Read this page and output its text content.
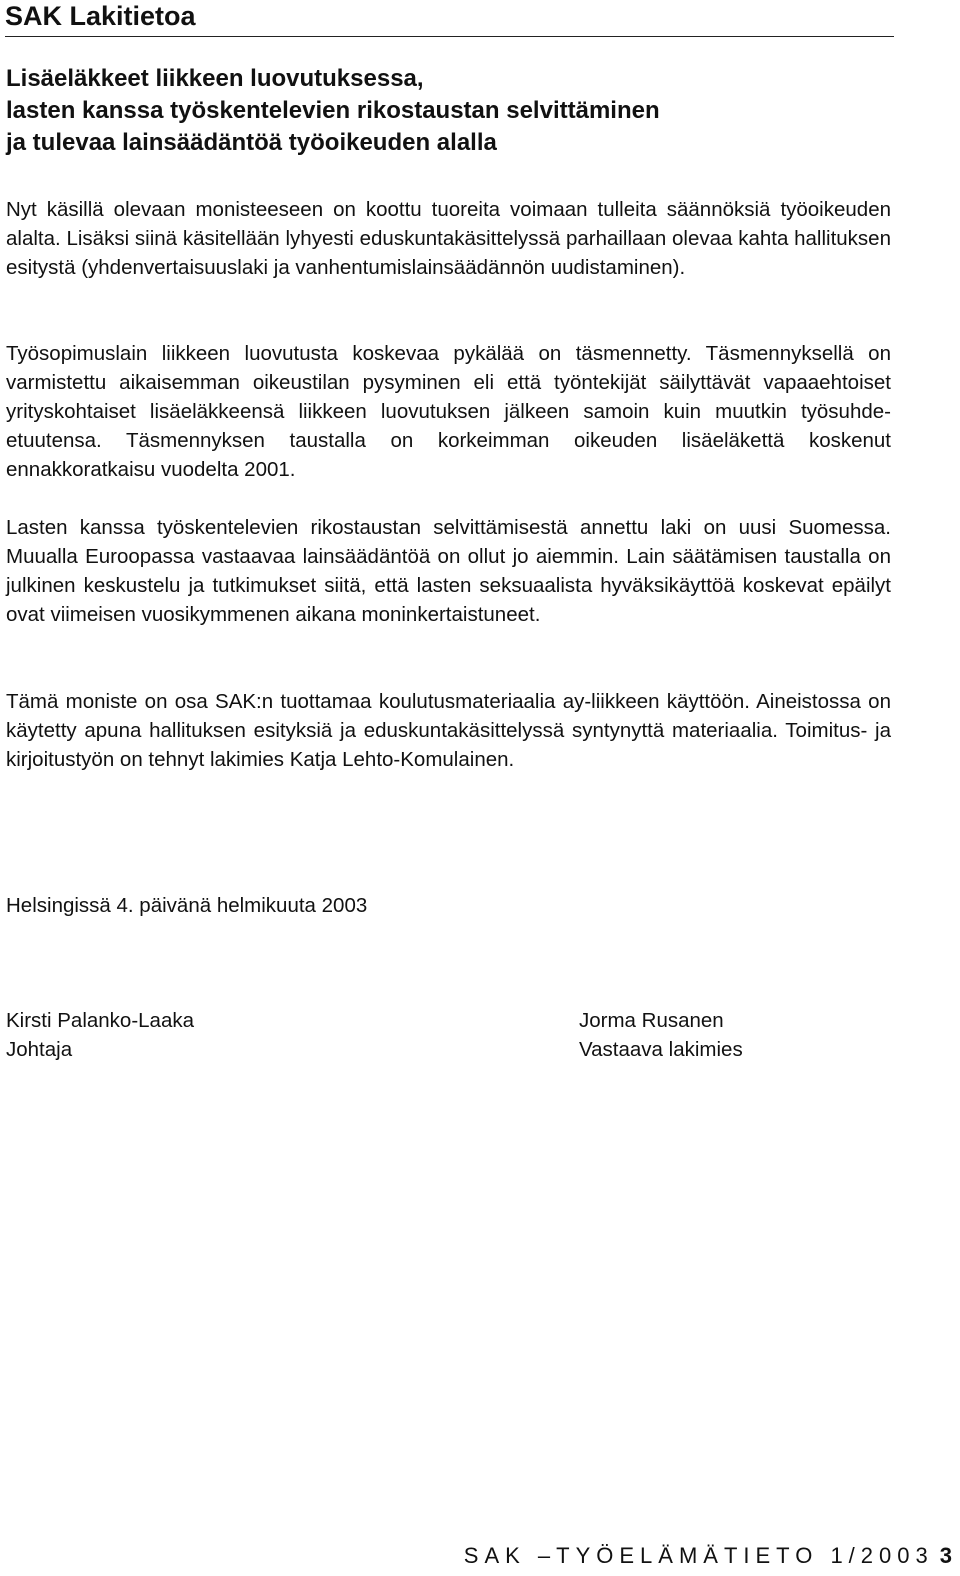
SAK Lakitietoa
Lisäeläkkeet liikkeen luovutuksessa,
lasten kanssa työskentelevien rikostaustan selvittäminen
ja tulevaa lainsäädäntöä työoikeuden alalla
Nyt käsillä olevaan monisteeseen on koottu tuoreita voimaan tulleita säännöksiä työoikeuden alalta. Lisäksi siinä käsitellään lyhyesti eduskuntakäsittelyssä parhaillaan olevaa kahta hallituksen esitystä (yhdenvertaisuuslaki ja vanhentumislainsäädännön uudistaminen).
Työsopimuslain liikkeen luovutusta koskevaa pykälää on täsmennetty. Täsmennyksellä on varmistettu aikaisemman oikeustilan pysyminen eli että työntekijät säilyttävät vapaaehtoiset yrityskohtaiset lisäeläkkeensä liikkeen luovutuksen jälkeen samoin kuin muutkin työsuhde-etuutensa. Täsmennyksen taustalla on korkeimman oikeuden lisäeläkettä koskenut ennakkoratkaisu vuodelta 2001.
Lasten kanssa työskentelevien rikostaustan selvittämisestä annettu laki on uusi Suomessa. Muualla Euroopassa vastaavaa lainsäädäntöä on ollut jo aiemmin. Lain säätämisen taustalla on julkinen keskustelu ja tutkimukset siitä, että lasten seksuaalista hyväksikäyttöä koskevat epäilyt ovat viimeisen vuosikymmenen aikana moninkertaistuneet.
Tämä moniste on osa SAK:n tuottamaa koulutusmateriaalia ay-liikkeen käyttöön. Aineistossa on käytetty apuna hallituksen esityksiä ja eduskuntakäsittelyssä syntynyttä materiaalia. Toimitus- ja kirjoitustyön on tehnyt lakimies Katja Lehto-Komulainen.
Helsingissä 4. päivänä helmikuuta 2003
Kirsti Palanko-Laaka
Johtaja
Jorma Rusanen
Vastaava lakimies
SAK –TYÖELÄMÄTIETO 1/2003 3
